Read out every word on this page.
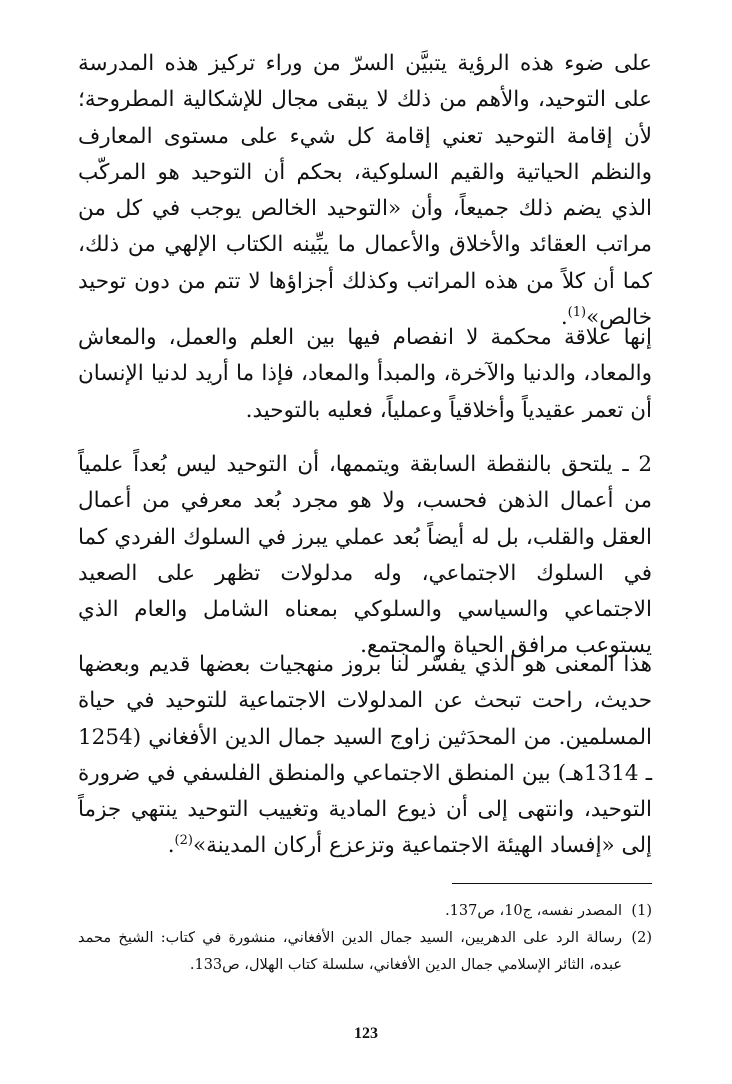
على ضوء هذه الرؤية يتبيَّن السرّ من وراء تركيز هذه المدرسة على التوحيد، والأهم من ذلك لا يبقى مجال للإشكالية المطروحة؛ لأن إقامة التوحيد تعني إقامة كل شيء على مستوى المعارف والنظم الحياتية والقيم السلوكية، بحكم أن التوحيد هو المركّب الذي يضم ذلك جميعاً، وأن «التوحيد الخالص يوجب في كل من مراتب العقائد والأخلاق والأعمال ما يبِّينه الكتاب الإلهي من ذلك، كما أن كلاً من هذه المراتب وكذلك أجزاؤها لا تتم من دون توحيد خالص»$^{(1)}$.

إنها علاقة محكمة لا انفصام فيها بين العلم والعمل، والمعاش والمعاد، والدنيا والآخرة، والمبدأ والمعاد، فإذا ما أريد لدنيا الإنسان أن تعمر عقيدياً وأخلاقياً وعملياً، فعليه بالتوحيد.

2 ـ يلتحق بالنقطة السابقة ويتممها، أن التوحيد ليس بُعداً علمياً من أعمال الذهن فحسب، ولا هو مجرد بُعد معرفي من أعمال العقل والقلب، بل له أيضاً بُعد عملي يبرز في السلوك الفردي كما في السلوك الاجتماعي، وله مدلولات تظهر على الصعيد الاجتماعي والسياسي والسلوكي بمعناه الشامل والعام الذي يستوعب مرافق الحياة والمجتمع.

هذا المعنى هو الذي يفسّر لنا بروز منهجيات بعضها قديم وبعضها حديث، راحت تبحث عن المدلولات الاجتماعية للتوحيد في حياة المسلمين. من المحدَثين زاوج السيد جمال الدين الأفغاني (1254 ـ 1314هـ) بين المنطق الاجتماعي والمنطق الفلسفي في ضرورة التوحيد، وانتهى إلى أن ذيوع المادية وتغييب التوحيد ينتهي جزماً إلى «إفساد الهيئة الاجتماعية وتزعزع أركان المدينة»$^{(2)}$.

(1)
المصدر نفسه، ج10، ص137.
(2)
رسالة الرد على الدهريين، السيد جمال الدين الأفغاني، منشورة في كتاب: الشيخ محمد عبده، الثائر الإسلامي جمال الدين الأفغاني، سلسلة كتاب الهلال، ص133.
123
